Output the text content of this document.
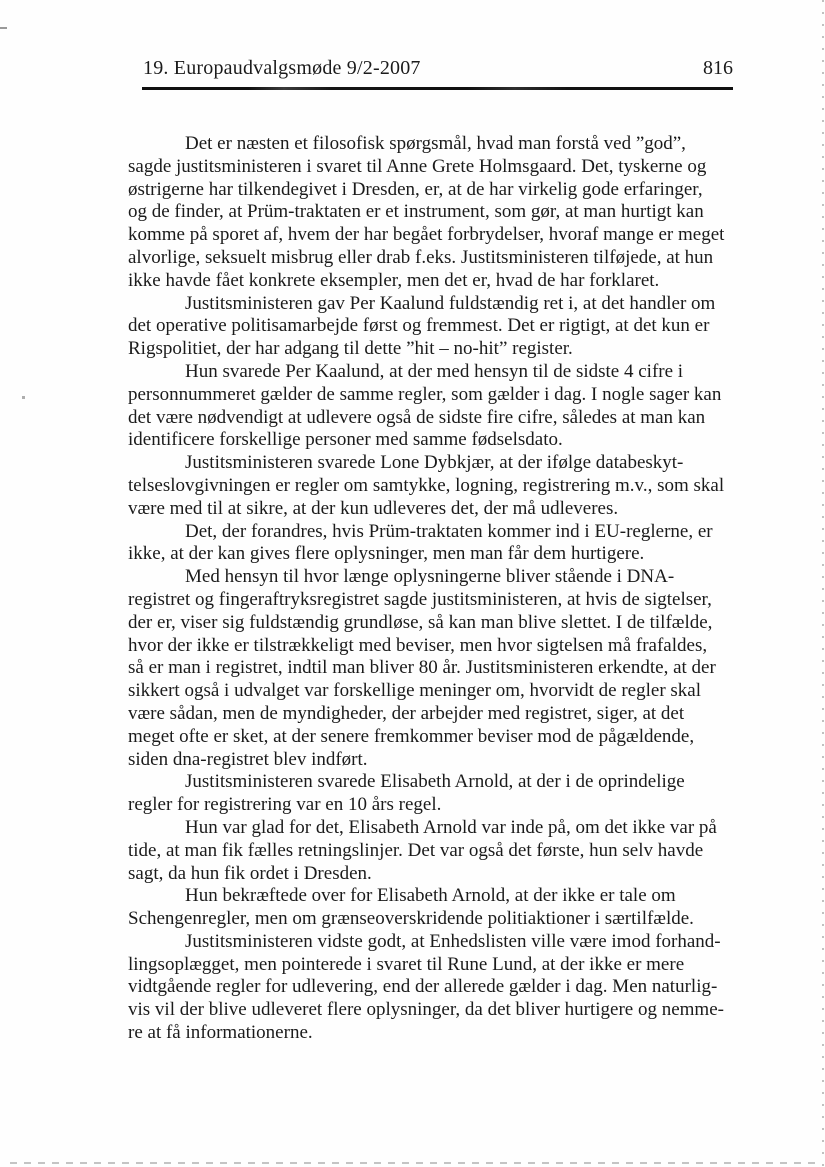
19. Europaudvalgsmøde 9/2-2007	816
Det er næsten et filosofisk spørgsmål, hvad man forstå ved ”god”,
sagde justitsministeren i svaret til Anne Grete Holmsgaard. Det, tyskerne og
østrigerne har tilkendegivet i Dresden, er, at de har virkelig gode erfaringer,
og de finder, at Prüm-traktaten er et instrument, som gør, at man hurtigt kan
komme på sporet af, hvem der har begået forbrydelser, hvoraf mange er meget
alvorlige, seksuelt misbrug eller drab f.eks. Justitsministeren tilføjede, at hun
ikke havde fået konkrete eksempler, men det er, hvad de har forklaret.
Justitsministeren gav Per Kaalund fuldstændig ret i, at det handler om
det operative politisamarbejde først og fremmest. Det er rigtigt, at det kun er
Rigspolitiet, der har adgang til dette ”hit – no-hit” register.
Hun svarede Per Kaalund, at der med hensyn til de sidste 4 cifre i
personnummeret gælder de samme regler, som gælder i dag. I nogle sager kan
det være nødvendigt at udlevere også de sidste fire cifre, således at man kan
identificere forskellige personer med samme fødselsdato.
Justitsministeren svarede Lone Dybkjær, at der ifølge databeskyt-
telseslovgivningen er regler om samtykke, logning, registrering m.v., som skal
være med til at sikre, at der kun udleveres det, der må udleveres.
Det, der forandres, hvis Prüm-traktaten kommer ind i EU-reglerne, er
ikke, at der kan gives flere oplysninger, men man får dem hurtigere.
Med hensyn til hvor længe oplysningerne bliver stående i DNA-
registret og fingeraftryksregistret sagde justitsministeren, at hvis de sigtelser,
der er, viser sig fuldstændig grundløse, så kan man blive slettet. I de tilfælde,
hvor der ikke er tilstrækkeligt med beviser, men hvor sigtelsen må frafaldes,
så er man i registret, indtil man bliver 80 år. Justitsministeren erkendte, at der
sikkert også i udvalget var forskellige meninger om, hvorvidt de regler skal
være sådan, men de myndigheder, der arbejder med registret, siger, at det
meget ofte er sket, at der senere fremkommer beviser mod de pågældende,
siden dna-registret blev indført.
Justitsministeren svarede Elisabeth Arnold, at der i de oprindelige
regler for registrering var en 10 års regel.
Hun var glad for det, Elisabeth Arnold var inde på, om det ikke var på
tide, at man fik fælles retningslinjer. Det var også det første, hun selv havde
sagt, da hun fik ordet i Dresden.
Hun bekræftede over for Elisabeth Arnold, at der ikke er tale om
Schengenregler, men om grænseoverskridende politiaktioner i særtilfælde.
Justitsministeren vidste godt, at Enhedslisten ville være imod forhand-
lingsoplægget, men pointerede i svaret til Rune Lund, at der ikke er mere
vidtgående regler for udlevering, end der allerede gælder i dag. Men naturlig-
vis vil der blive udleveret flere oplysninger, da det bliver hurtigere og nemme-
re at få informationerne.
